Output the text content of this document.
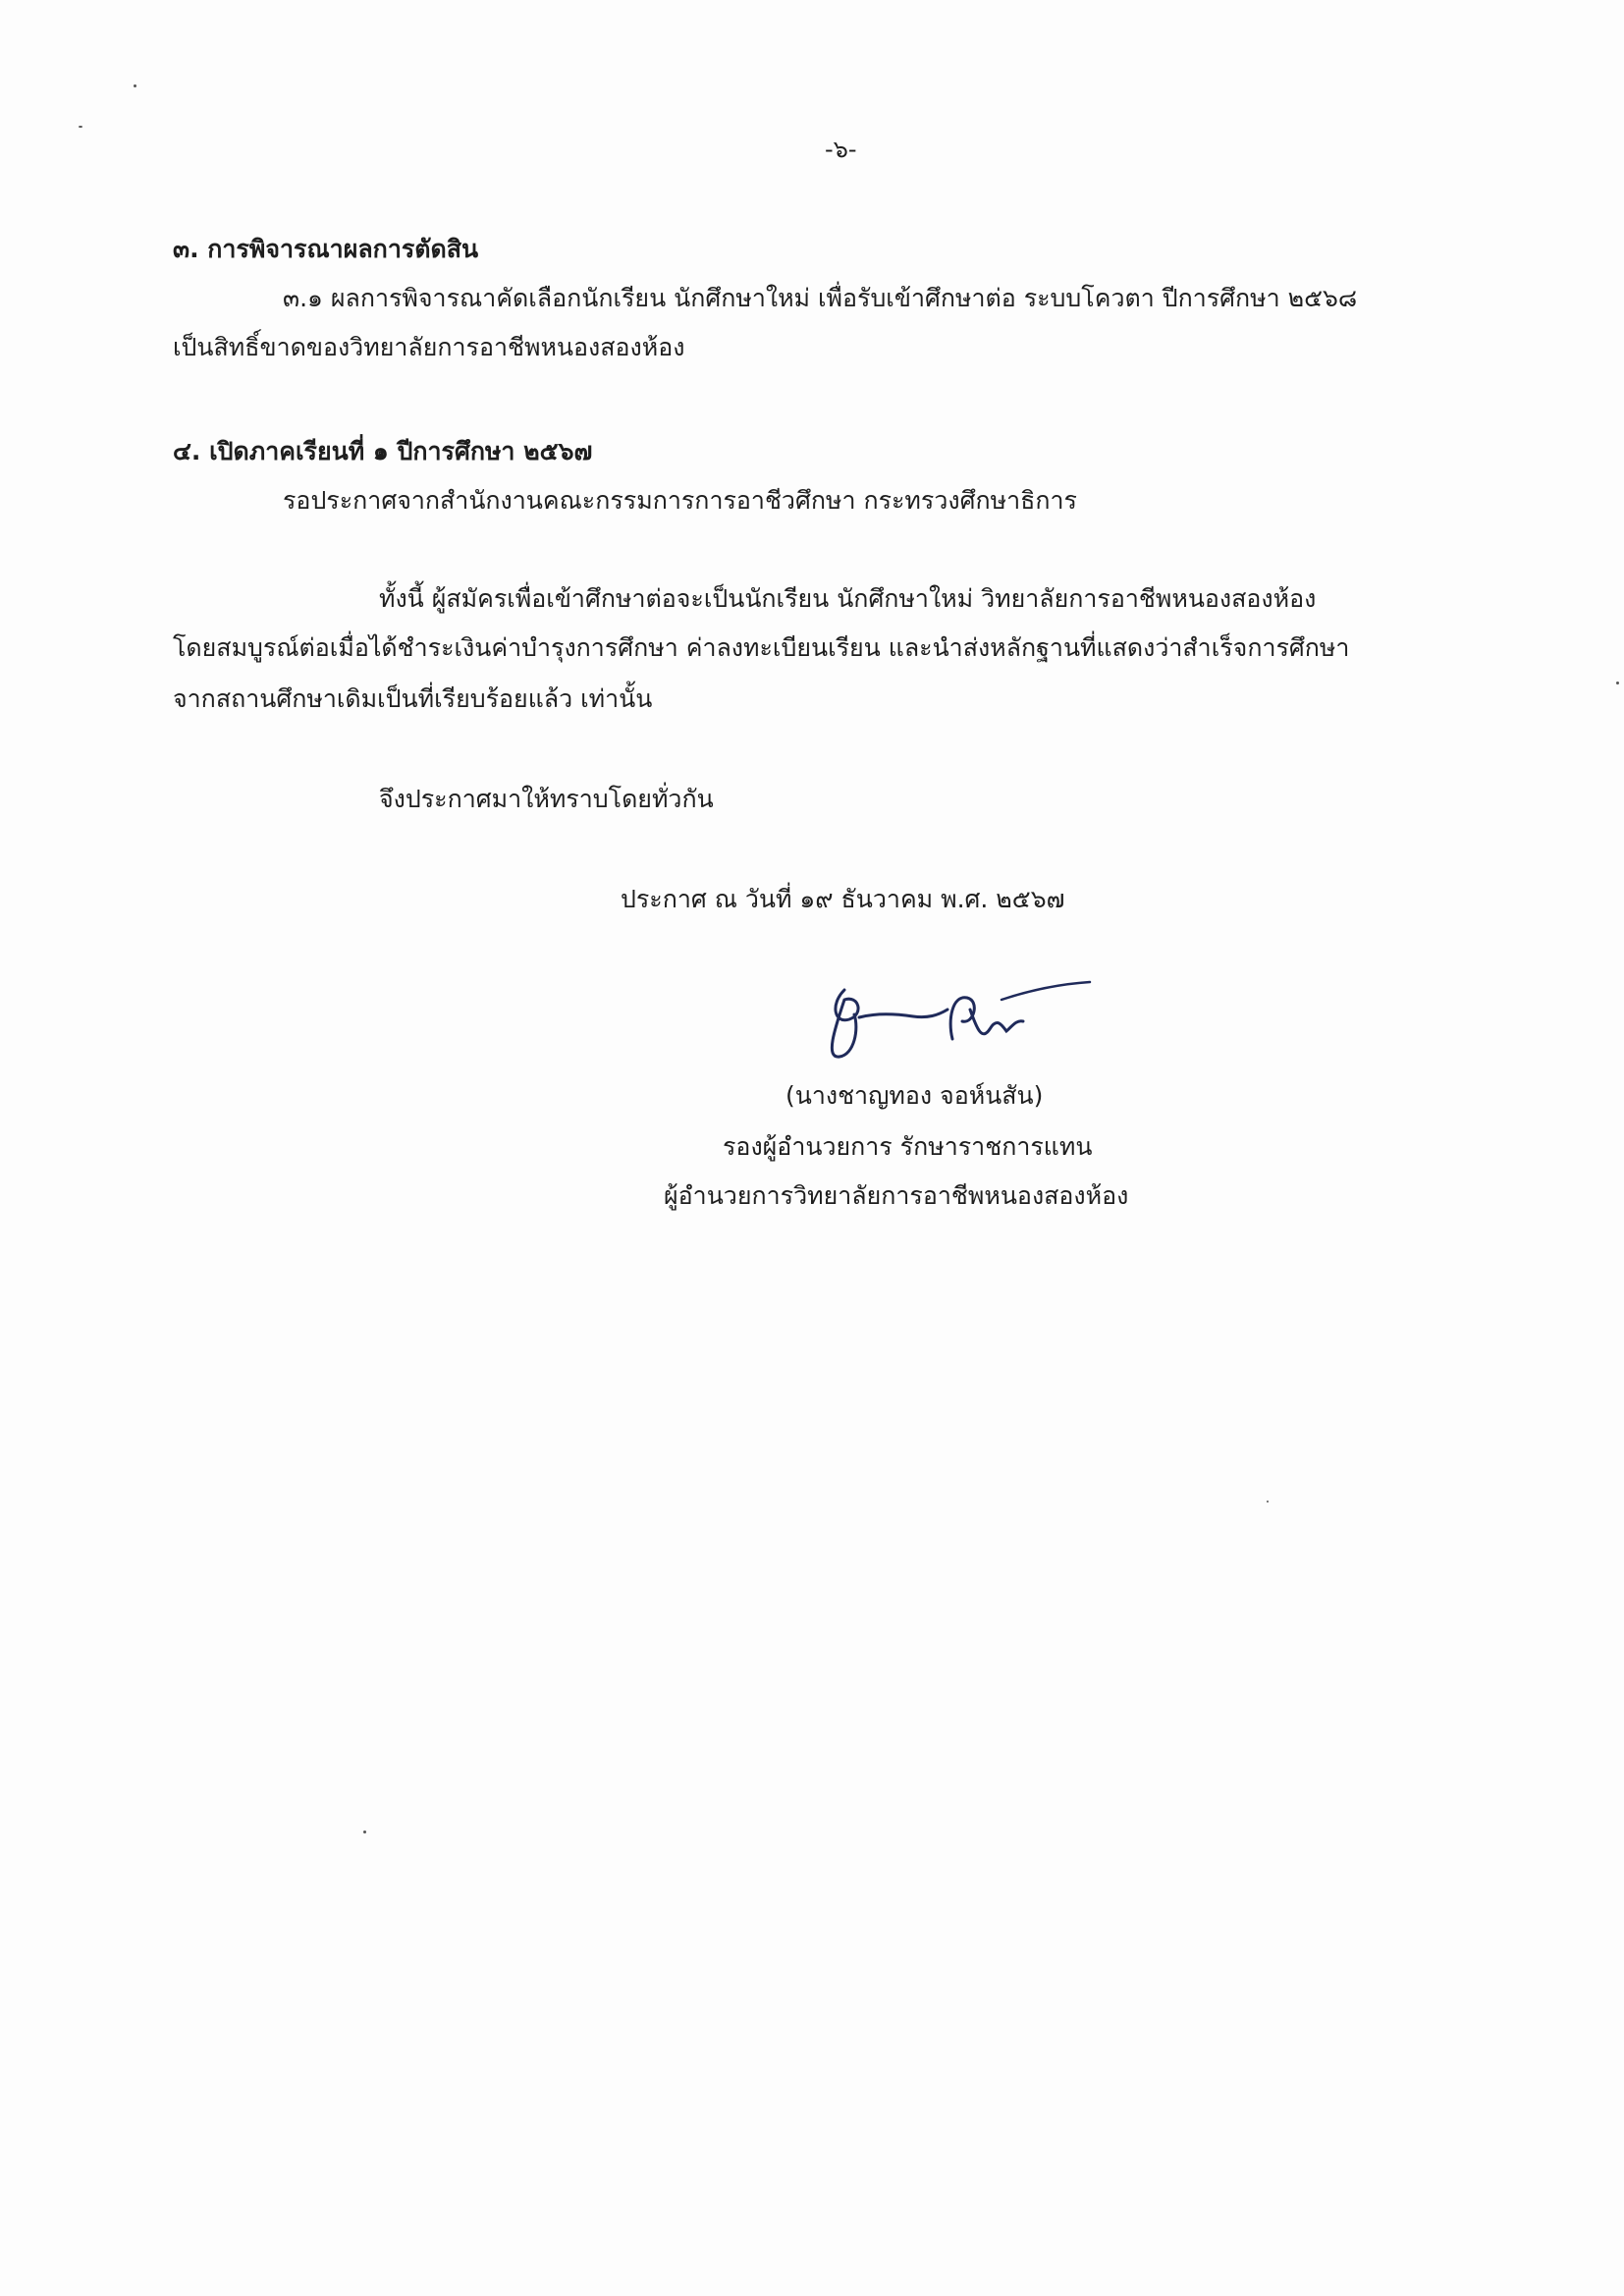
-๖-
๓. การพิจารณาผลการตัดสิน
๓.๑ ผลการพิจารณาคัดเลือกนักเรียน นักศึกษาใหม่ เพื่อรับเข้าศึกษาต่อ ระบบโควตา ปีการศึกษา ๒๕๖๘
เป็นสิทธิ์ขาดของวิทยาลัยการอาชีพหนองสองห้อง
๔. เปิดภาคเรียนที่ ๑ ปีการศึกษา ๒๕๖๗
รอประกาศจากสำนักงานคณะกรรมการการอาชีวศึกษา กระทรวงศึกษาธิการ
ทั้งนี้ ผู้สมัครเพื่อเข้าศึกษาต่อจะเป็นนักเรียน นักศึกษาใหม่ วิทยาลัยการอาชีพหนองสองห้อง
โดยสมบูรณ์ต่อเมื่อได้ชำระเงินค่าบำรุงการศึกษา ค่าลงทะเบียนเรียน และนำส่งหลักฐานที่แสดงว่าสำเร็จการศึกษา
จากสถานศึกษาเดิมเป็นที่เรียบร้อยแล้ว เท่านั้น
จึงประกาศมาให้ทราบโดยทั่วกัน
ประกาศ ณ วันที่ ๑๙ ธันวาคม พ.ศ. ๒๕๖๗
(นางชาญทอง จอห์นสัน)
รองผู้อำนวยการ รักษาราชการแทน
ผู้อำนวยการวิทยาลัยการอาชีพหนองสองห้อง
